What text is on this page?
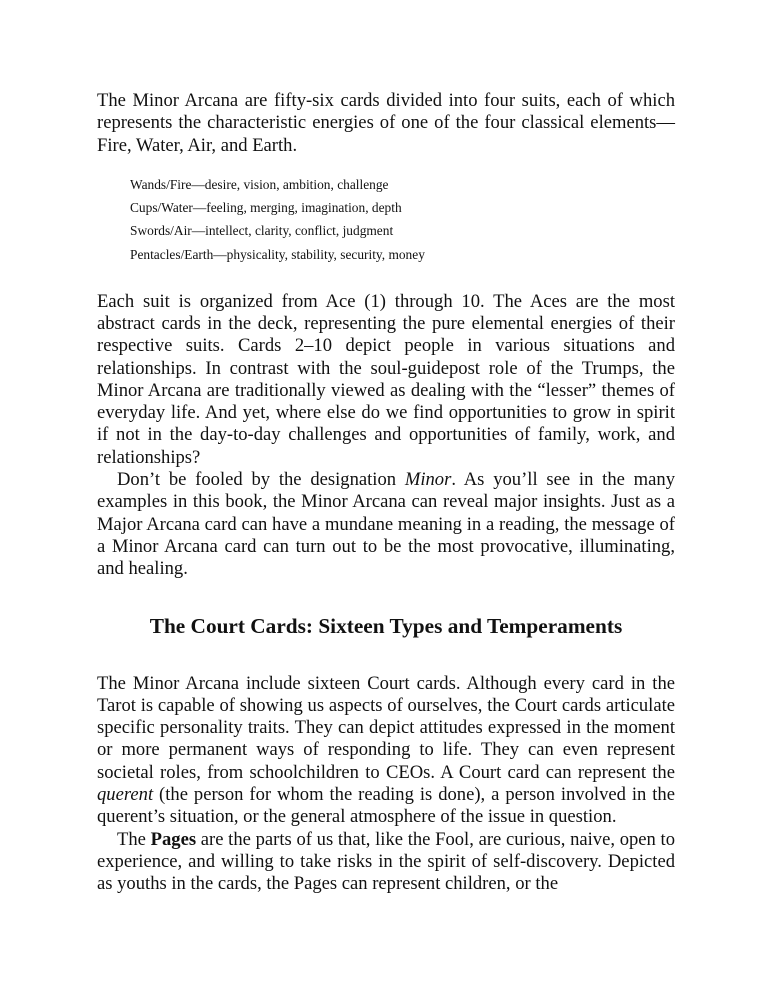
The Minor Arcana are fifty-six cards divided into four suits, each of which represents the characteristic energies of one of the four classical elements—Fire, Water, Air, and Earth.

Wands/Fire—desire, vision, ambition, challenge
Cups/Water—feeling, merging, imagination, depth
Swords/Air—intellect, clarity, conflict, judgment
Pentacles/Earth—physicality, stability, security, money

Each suit is organized from Ace (1) through 10. The Aces are the most abstract cards in the deck, representing the pure elemental energies of their respective suits. Cards 2–10 depict people in various situations and relationships. In contrast with the soul-guidepost role of the Trumps, the Minor Arcana are traditionally viewed as dealing with the “lesser” themes of everyday life. And yet, where else do we find opportunities to grow in spirit if not in the day-to-day challenges and opportunities of family, work, and relationships?

Don’t be fooled by the designation Minor. As you’ll see in the many examples in this book, the Minor Arcana can reveal major insights. Just as a Major Arcana card can have a mundane meaning in a reading, the message of a Minor Arcana card can turn out to be the most provocative, illuminating, and healing.

The Court Cards: Sixteen Types and Temperaments

The Minor Arcana include sixteen Court cards. Although every card in the Tarot is capable of showing us aspects of ourselves, the Court cards articulate specific personality traits. They can depict attitudes expressed in the moment or more permanent ways of responding to life. They can even represent societal roles, from schoolchildren to CEOs. A Court card can represent the querent (the person for whom the reading is done), a person involved in the querent’s situation, or the general atmosphere of the issue in question.

The Pages are the parts of us that, like the Fool, are curious, naive, open to experience, and willing to take risks in the spirit of self-discovery. Depicted as youths in the cards, the Pages can represent children, or the
